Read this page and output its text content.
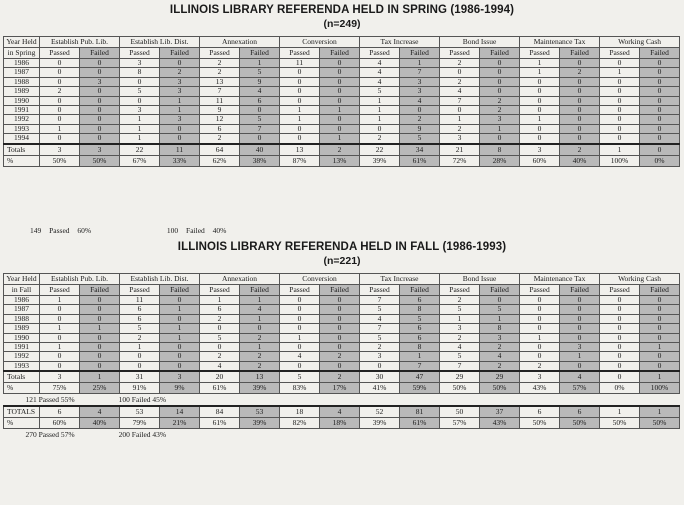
ILLINOIS LIBRARY REFERENDA HELD IN SPRING (1986-1994)
(n=249)
Year Held	Establish Pub. Lib.		Establish Lib. Dist.		Annexation		Conversion		Tax Increase		Bond Issue		Maintenance Tax		Working Cash	
in Spring	Passed	Failed	Passed	Failed	Passed	Failed	Passed	Failed	Passed	Failed	Passed	Failed	Passed	Failed	Passed	Failed
1986	0	0	3	0	2	1	11	0	4	1	2	0	1	0	0	0
1987	0	0	8	2	2	5	0	0	4	7	0	0	1	2	1	0
1988	0	3	0	3	13	9	0	0	4	3	2	0	0	0	0	0
1989	2	0	5	3	7	4	0	0	5	3	4	0	0	0	0	0
1990	0	0	0	1	11	6	0	0	1	4	7	2	0	0	0	0
1991	0	0	3	1	9	0	1	1	1	0	0	2	0	0	0	0
1992	0	0	1	3	12	5	1	0	1	2	1	3	1	0	0	0
1993	1	0	1	0	6	7	0	0	0	9	2	1	0	0	0	0
1994	0	0	1	0	2	0	0	1	2	5	3	0	0	0	0	0
Totals	3	3	22	11	64	40	13	2	22	34	21	8	3	2	1	0
%	50%	50%	67%	33%	62%	38%	87%	13%	39%	61%	72%	28%	60%	40%	100%	0%
149 Passed 60%	100 Failed 40%
ILLINOIS LIBRARY REFERENDA HELD IN FALL (1986-1993)
(n=221)
Year Held	Establish Pub. Lib.		Establish Lib. Dist.		Annexation		Conversion		Tax Increase		Bond Issue		Maintenance Tax		Working Cash	
in Fall	Passed	Failed	Passed	Failed	Passed	Failed	Passed	Failed	Passed	Failed	Passed	Failed	Passed	Failed	Passed	Failed
1986	1	0	11	0	1	1	0	0	7	6	2	0	0	0	0	0
1987	0	0	6	1	6	4	0	0	5	8	5	5	0	0	0	0
1988	0	0	6	0	2	1	0	0	4	5	1	1	0	0	0	0
1989	1	1	5	1	0	0	0	0	7	6	3	8	0	0	0	0
1990	0	0	2	1	5	2	1	0	5	6	2	3	1	0	0	0
1991	1	0	1	0	0	1	0	0	2	8	4	2	0	3	0	1
1992	0	0	0	0	2	2	4	2	3	1	5	4	0	1	0	0
1993	0	0	0	0	4	2	0	0	0	7	7	2	2	0	0	0
Totals	3	1	31	3	20	13	5	2	30	47	29	29	3	4	0	1
%	75%	25%	91%	9%	61%	39%	83%	17%	41%	59%	50%	50%	43%	57%	0%	100%
121 Passed 55% 100 Failed 45%																
TOTALS	6	4	53	14	84	53	18	4	52	81	50	37	6	6	1	1
%	60%	40%	79%	21%	61%	39%	82%	18%	39%	61%	57%	43%	50%	50%	50%	50%
270 Passed 57% 200 Failed 43%																
